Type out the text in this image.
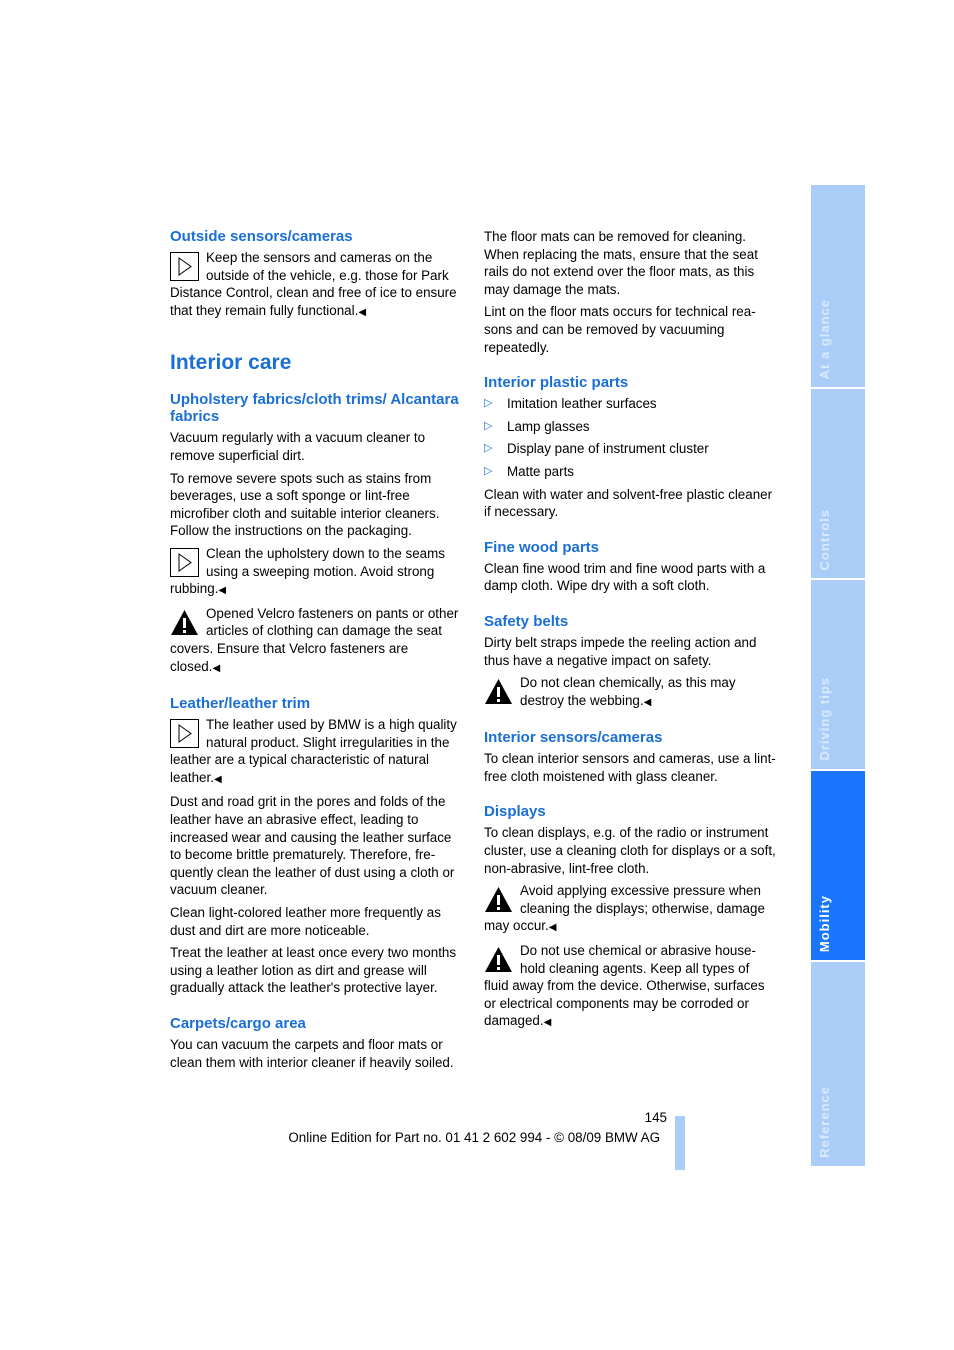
Outside sensors/cameras
Keep the sensors and cameras on the outside of the vehicle, e.g. those for Park Distance Control, clean and free of ice to ensure that they remain fully functional.◀
Interior care
Upholstery fabrics/cloth trims/ Alcantara fabrics

Vacuum regularly with a vacuum cleaner to remove superficial dirt.

To remove severe spots such as stains from beverages, use a soft sponge or lint-free microfiber cloth and suitable interior cleaners. Follow the instructions on the packaging.

Clean the upholstery down to the seams using a sweeping motion. Avoid strong rubbing.◀
Opened Velcro fasteners on pants or other articles of clothing can damage the seat covers. Ensure that Velcro fasteners are closed.◀
Leather/leather trim
The leather used by BMW is a high quality natural product. Slight irregularities in the leather are a typical characteristic of natural leather.◀

Dust and road grit in the pores and folds of the leather have an abrasive effect, leading to increased wear and causing the leather surface to become brittle prematurely. Therefore, fre-quently clean the leather of dust using a cloth or vacuum cleaner.

Clean light-colored leather more frequently as dust and dirt are more noticeable.

Treat the leather at least once every two months using a leather lotion as dirt and grease will gradually attack the leather's protective layer.

Carpets/cargo area

You can vacuum the carpets and floor mats or clean them with interior cleaner if heavily soiled.

The floor mats can be removed for cleaning. When replacing the mats, ensure that the seat rails do not extend over the floor mats, as this may damage the mats.

Lint on the floor mats occurs for technical rea-sons and can be removed by vacuuming repeatedly.

Interior plastic parts
▷ Imitation leather surfaces
▷ Lamp glasses
▷ Display pane of instrument cluster
▷ Matte parts

Clean with water and solvent-free plastic cleaner if necessary.

Fine wood parts

Clean fine wood trim and fine wood parts with a damp cloth. Wipe dry with a soft cloth.

Safety belts

Dirty belt straps impede the reeling action and thus have a negative impact on safety.

Do not clean chemically, as this may destroy the webbing.◀
Interior sensors/cameras

To clean interior sensors and cameras, use a lint-free cloth moistened with glass cleaner.

Displays

To clean displays, e.g. of the radio or instrument cluster, use a cleaning cloth for displays or a soft, non-abrasive, lint-free cloth.

Avoid applying excessive pressure when cleaning the displays; otherwise, damage may occur.◀
Do not use chemical or abrasive house-hold cleaning agents. Keep all types of fluid away from the device. Otherwise, surfaces or electrical components may be corroded or damaged.◀
At a glance
Controls
Driving tips
Mobility
Reference
145
Online Edition for Part no. 01 41 2 602 994 - © 08/09 BMW AG
